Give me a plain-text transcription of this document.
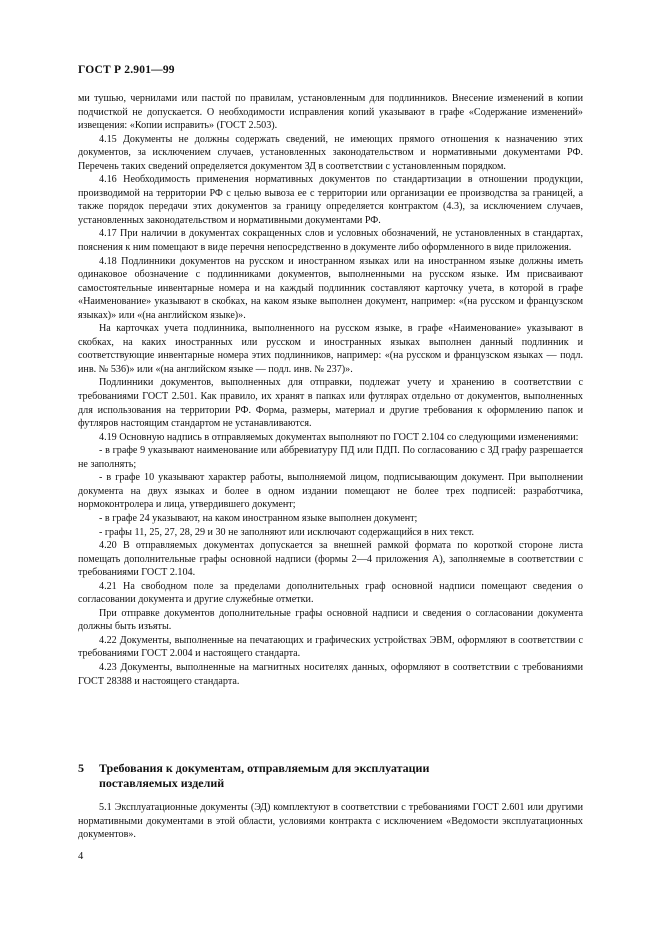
ГОСТ Р 2.901—99

ми тушью, чернилами или пастой по правилам, установленным для подлинников. Внесение изменений в копии подчисткой не допускается. О необходимости исправления копий указывают в графе «Содержание изменений» извещения: «Копии исправить» (ГОСТ 2.503).

4.15 Документы не должны содержать сведений, не имеющих прямого отношения к назначению этих документов, за исключением случаев, установленных законодательством и нормативными документами РФ. Перечень таких сведений определяется документом ЗД в соответствии с установленным порядком.

4.16 Необходимость применения нормативных документов по стандартизации в отношении продукции, производимой на территории РФ с целью вывоза ее с территории или организации ее производства за границей, а также порядок передачи этих документов за границу определяется контрактом (4.3), за исключением случаев, установленных законодательством и нормативными документами РФ.

4.17 При наличии в документах сокращенных слов и условных обозначений, не установленных в стандартах, пояснения к ним помещают в виде перечня непосредственно в документе либо оформленного в виде приложения.

4.18 Подлинники документов на русском и иностранном языках или на иностранном языке должны иметь одинаковое обозначение с подлинниками документов, выполненными на русском языке. Им присваивают самостоятельные инвентарные номера и на каждый подлинник составляют карточку учета, в которой в графе «Наименование» указывают в скобках, на каком языке выполнен документ, например: «(на русском и французском языках)» или «(на английском языке)».

На карточках учета подлинника, выполненного на русском языке, в графе «Наименование» указывают в скобках, на каких иностранных или русском и иностранных языках выполнен данный подлинник и соответствующие инвентарные номера этих подлинников, например: «(на русском и французском языках — подл. инв. № 536)» или «(на английском языке — подл. инв. № 237)».

Подлинники документов, выполненных для отправки, подлежат учету и хранению в соответствии с требованиями ГОСТ 2.501. Как правило, их хранят в папках или футлярах отдельно от документов, выполненных для использования на территории РФ. Форма, размеры, материал и другие требования к оформлению папок и футляров настоящим стандартом не устанавливаются.

4.19 Основную надпись в отправляемых документах выполняют по ГОСТ 2.104 со следующими изменениями:

- в графе 9 указывают наименование или аббревиатуру ПД или ПДП. По согласованию с ЗД графу разрешается не заполнять;

- в графе 10 указывают характер работы, выполняемой лицом, подписывающим документ. При выполнении документа на двух языках и более в одном издании помещают не более трех подписей: разработчика, нормоконтролера и лица, утвердившего документ;

- в графе 24 указывают, на каком иностранном языке выполнен документ;

- графы 11, 25, 27, 28, 29 и 30 не заполняют или исключают содержащийся в них текст.

4.20 В отправляемых документах допускается за внешней рамкой формата по короткой стороне листа помещать дополнительные графы основной надписи (формы 2—4 приложения А), заполняемые в соответствии с требованиями ГОСТ 2.104.

4.21 На свободном поле за пределами дополнительных граф основной надписи помещают сведения о согласовании документа и другие служебные отметки.

При отправке документов дополнительные графы основной надписи и сведения о согласовании документа должны быть изъяты.

4.22 Документы, выполненные на печатающих и графических устройствах ЭВМ, оформляют в соответствии с требованиями ГОСТ 2.004 и настоящего стандарта.

4.23 Документы, выполненные на магнитных носителях данных, оформляют в соответствии с требованиями ГОСТ 28388 и настоящего стандарта.

5 Требования к документам, отправляемым для эксплуатации
поставляемых изделий

5.1 Эксплуатационные документы (ЭД) комплектуют в соответствии с требованиями ГОСТ 2.601 или другими нормативными документами в этой области, условиями контракта с исключением «Ведомости эксплуатационных документов».

4
